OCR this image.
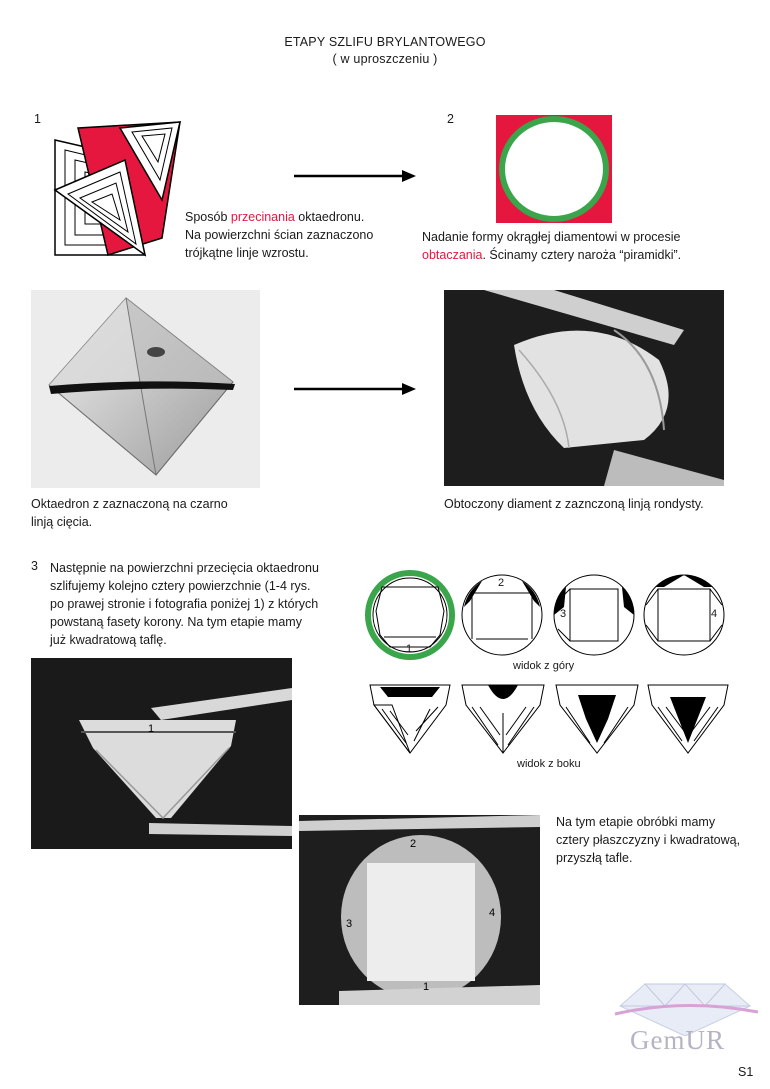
ETAPY SZLIFU BRYLANTOWEGO
( w uproszczeniu )
1
Sposób przecinania oktaedronu.
Na powierzchni ścian zaznaczono
trójkątne linje wzrostu.
2
Nadanie formy okrągłej diamentowi w procesie
obtaczania. Ścinamy cztery naroża “piramidki”.
Oktaedron z zaznaczoną na czarno
linją cięcia.
Obtoczony diament z zaznczoną linją rondysty.
3 Następnie na powierzchni przecięcia oktaedronu
szlifujemy kolejno cztery powierzchnie (1-4 rys.
po prawej stronie i fotografia poniżej 1) z których
powstaną fasety korony. Na tym etapie mamy
już kwadratową taflę.
1
2
3	4
widok z góry
widok z boku
1
2
3
4
1
Na tym etapie obróbki mamy
cztery płaszczyzny i kwadratową,
przyszłą tafle.
GemUR
S1
